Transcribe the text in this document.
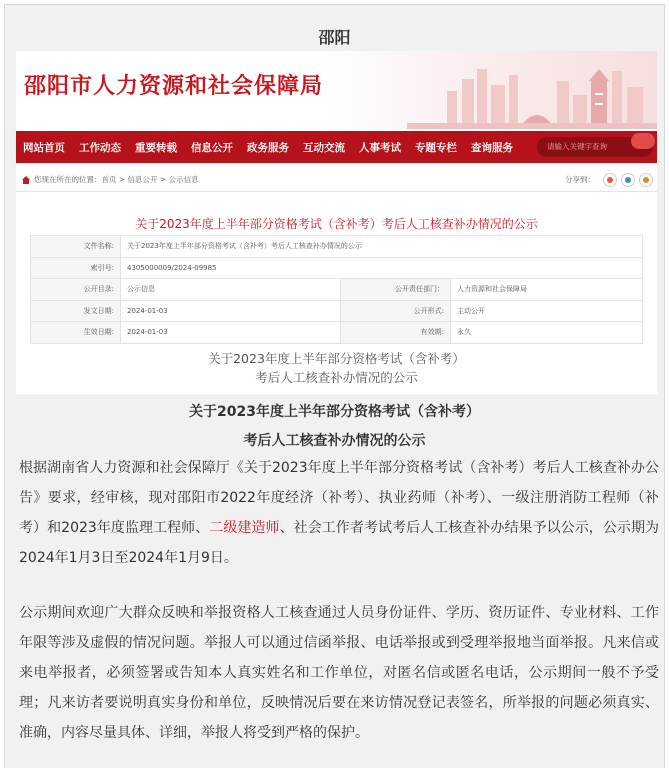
邵阳
邵阳市人力资源和社会保障局
网站首页	工作动态	重要转载	信息公开	政务服务	互动交流	人事考试	专题专栏	查询服务	请输入关键字查询
您现在所在的位置：首页 > 信息公开 > 公示信息	分享到：
关于2023年度上半年部分资格考试（含补考）考后人工核查补办情况的公示
文件名称:	关于2023年度上半年部分资格考试（含补考）考后人工核查补办情况的公示		
索引号:	4305000009/2024-09985		
公开目录:	公示信息	公开责任部门：	人力资源和社会保障局
发文日期:	2024-01-03	公开形式:	主动公开
生效日期:	2024-01-03	有效期:	永久
关于2023年度上半年部分资格考试（含补考）
考后人工核查补办情况的公示
关于2023年度上半年部分资格考试（含补考）
考后人工核查补办情况的公示

根据湖南省人力资源和社会保障厅《关于2023年度上半年部分资格考试（含补考）考后人工核查补办公告》要求，经审核，现对邵阳市2022年度经济（补考）、执业药师（补考）、一级注册消防工程师（补考）和2023年度监理工程师、二级建造师、社会工作者考试考后人工核查补办结果予以公示，公示期为2024年1月3日至2024年1月9日。

公示期间欢迎广大群众反映和举报资格人工核查通过人员身份证件、学历、资历证件、专业材料、工作年限等涉及虚假的情况问题。举报人可以通过信函举报、电话举报或到受理举报地当面举报。凡来信或来电举报者，必须签署或告知本人真实姓名和工作单位，对匿名信或匿名电话，公示期间一般不予受理；凡来访者要说明真实身份和单位，反映情况后要在来访情况登记表签名，所举报的问题必须真实、准确，内容尽量具体、详细，举报人将受到严格的保护。
